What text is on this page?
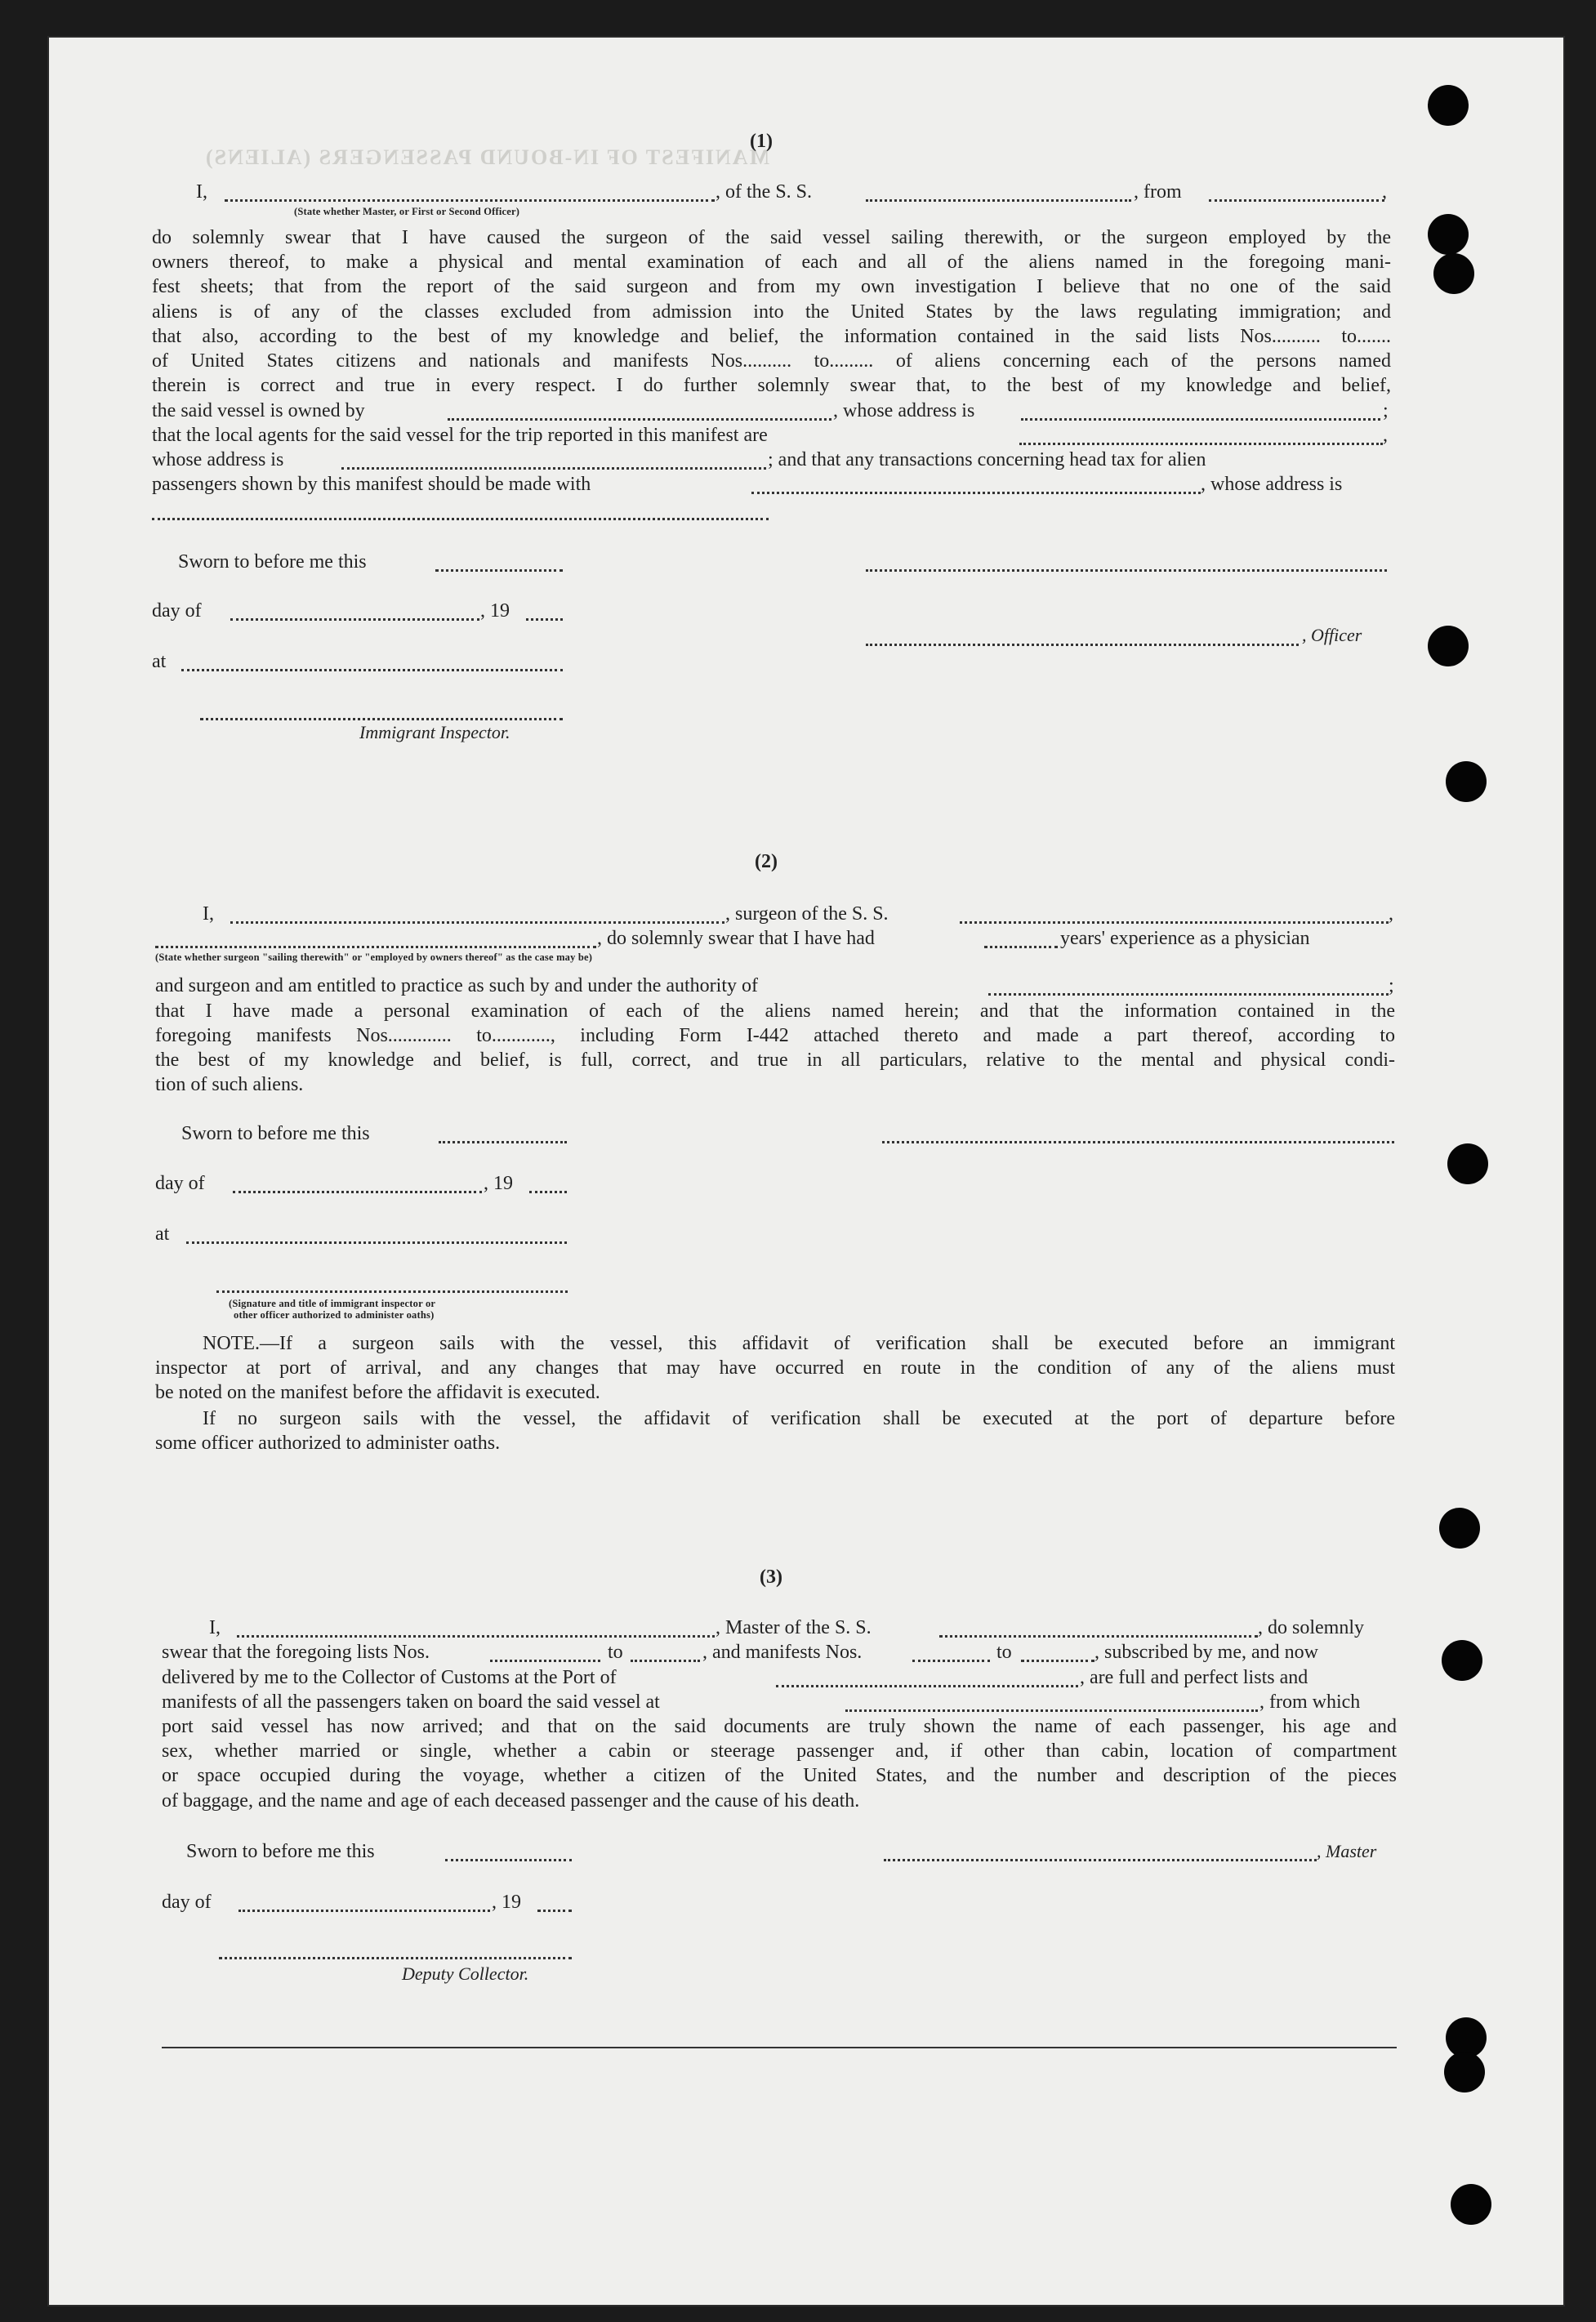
MANIFEST OF IN-BOUND PASSENGERS (ALIENS)
(1)
I,	, of the S. S.	, from	,
(State whether Master, or First or Second Officer)
do solemnly swear that I have caused the surgeon of the said vessel sailing therewith, or the surgeon employed by the
owners thereof, to make a physical and mental examination of each and all of the aliens named in the foregoing mani-
fest sheets; that from the report of the said surgeon and from my own investigation I believe that no one of the said
aliens is of any of the classes excluded from admission into the United States by the laws regulating immigration; and
that also, according to the best of my knowledge and belief, the information contained in the said lists Nos.......... to.......
of United States citizens and nationals and manifests Nos.......... to......... of aliens concerning each of the persons named
therein is correct and true in every respect. I do further solemnly swear that, to the best of my knowledge and belief,
the said vessel is owned by	, whose address is	;
that the local agents for the said vessel for the trip reported in this manifest are	,
whose address is	; and that any transactions concerning head tax for alien
passengers shown by this manifest should be made with	, whose address is
Sworn to before me this
day of	, 19
, Officer
at
Immigrant Inspector.
(2)
I,	, surgeon of the S. S.	,
, do solemnly swear that I have had	years' experience as a physician
(State whether surgeon "sailing therewith" or "employed by owners thereof" as the case may be)
and surgeon and am entitled to practice as such by and under the authority of	;
that I have made a personal examination of each of the aliens named herein; and that the information contained in the
foregoing manifests Nos............. to............, including Form I-442 attached thereto and made a part thereof, according to
the best of my knowledge and belief, is full, correct, and true in all particulars, relative to the mental and physical condi-
tion of such aliens.
Sworn to before me this
day of	, 19
at
(Signature and title of immigrant inspector or
other officer authorized to administer oaths)
NOTE.—If a surgeon sails with the vessel, this affidavit of verification shall be executed before an immigrant
inspector at port of arrival, and any changes that may have occurred en route in the condition of any of the aliens must
be noted on the manifest before the affidavit is executed.
If no surgeon sails with the vessel, the affidavit of verification shall be executed at the port of departure before
some officer authorized to administer oaths.
(3)
I,	, Master of the S. S.	, do solemnly
swear that the foregoing lists Nos.	to	, and manifests Nos.	to	, subscribed by me, and now
delivered by me to the Collector of Customs at the Port of	, are full and perfect lists and
manifests of all the passengers taken on board the said vessel at	, from which
port said vessel has now arrived; and that on the said documents are truly shown the name of each passenger, his age and
sex, whether married or single, whether a cabin or steerage passenger and, if other than cabin, location of compartment
or space occupied during the voyage, whether a citizen of the United States, and the number and description of the pieces
of baggage, and the name and age of each deceased passenger and the cause of his death.
Sworn to before me this	, Master
day of	, 19
Deputy Collector.
